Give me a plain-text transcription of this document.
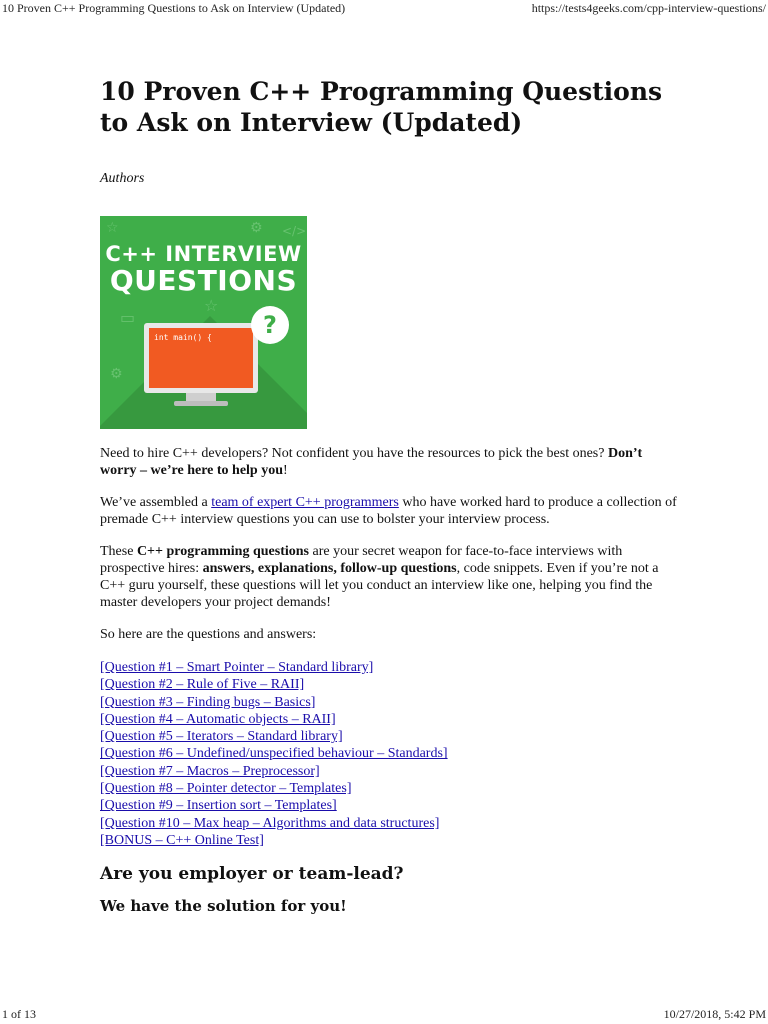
10 Proven C++ Programming Questions to Ask on Interview (Updated)	https://tests4geeks.com/cpp-interview-questions/
10 Proven C++ Programming Questions to Ask on Interview (Updated)
Authors
☆	⚙ </>
▭
☆
⚙
C++ INTERVIEW
QUESTIONS
int main() {	?

Need to hire C++ developers? Not confident you have the resources to pick the best ones? Don’t worry – we’re here to help you!

We’ve assembled a team of expert C++ programmers who have worked hard to produce a collection of premade C++ interview questions you can use to bolster your interview process.

These C++ programming questions are your secret weapon for face-to-face interviews with prospective hires: answers, explanations, follow-up questions, code snippets. Even if you’re not a C++ guru yourself, these questions will let you conduct an interview like one, helping you find the master developers your project demands!

So here are the questions and answers:

[Question #1 – Smart Pointer – Standard library]
[Question #2 – Rule of Five – RAII]
[Question #3 – Finding bugs – Basics]
[Question #4 – Automatic objects – RAII]
[Question #5 – Iterators – Standard library]
[Question #6 – Undefined/unspecified behaviour – Standards]
[Question #7 – Macros – Preprocessor]
[Question #8 – Pointer detector – Templates]
[Question #9 – Insertion sort – Templates]
[Question #10 – Max heap – Algorithms and data structures]
[BONUS – C++ Online Test]
Are you employer or team-lead?
We have the solution for you!
1 of 13	10/27/2018, 5:42 PM
